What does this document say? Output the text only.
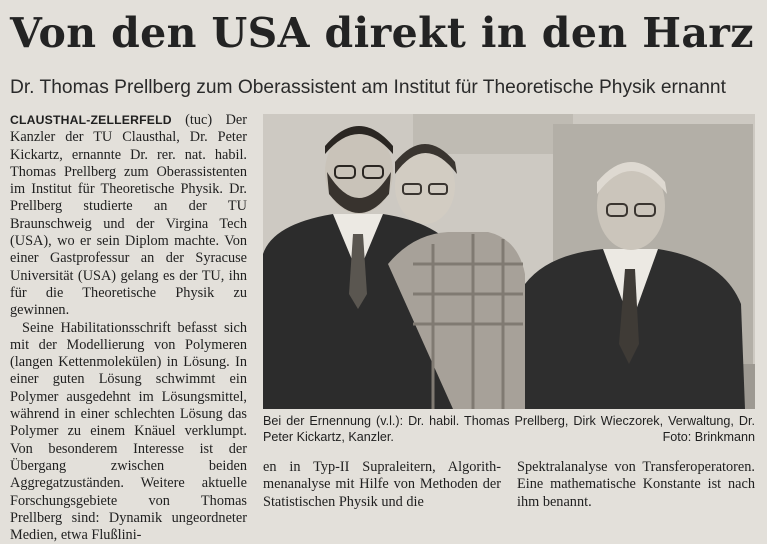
Von den USA direkt in den Harz
Dr. Thomas Prellberg zum Oberassistent am Institut für Theoretische Physik ernannt

CLAUSTHAL-ZELLERFELD (tuc) Der Kanzler der TU Clausthal, Dr. Peter Kickartz, ernannte Dr. rer. nat. habil. Thomas Prellberg zum Oberassistenten im Institut für Theoretische Physik. Dr. Prellberg studierte an der TU Braunschweig und der Virgina Tech (USA), wo er sein Diplom machte. Von einer Gastprofessur an der Syracuse Universität (USA) gelang es der TU, ihn für die Theoretische Physik zu gewinnen.

Seine Habilitationsschrift befasst sich mit der Modellierung von Polymeren (langen Kettenmolekülen) in Lösung. In einer guten Lösung schwimmt ein Polymer ausgedehnt im Lösungsmittel, während in einer schlechten Lösung das Polymer zu einem Knäuel verklumpt. Von besonderem Interesse ist der Übergang zwischen beiden Aggregatzuständen. Weitere aktuelle Forschungsgebiete von Thomas Prellberg sind: Dynamik ungeordneter Medien, etwa Flußlini-

Bei der Ernennung (v.l.): Dr. habil. Thomas Prellberg, Dirk Wieczorek, Verwaltung, Dr. Peter Kickartz, Kanzler.	Foto: Brinkmann

en in Typ-II Supraleitern, Algorithmenanalyse mit Hilfe von Methoden der Statistischen Physik und die

Spektralanalyse von Transferoperatoren. Eine mathematische Konstante ist nach ihm benannt.
